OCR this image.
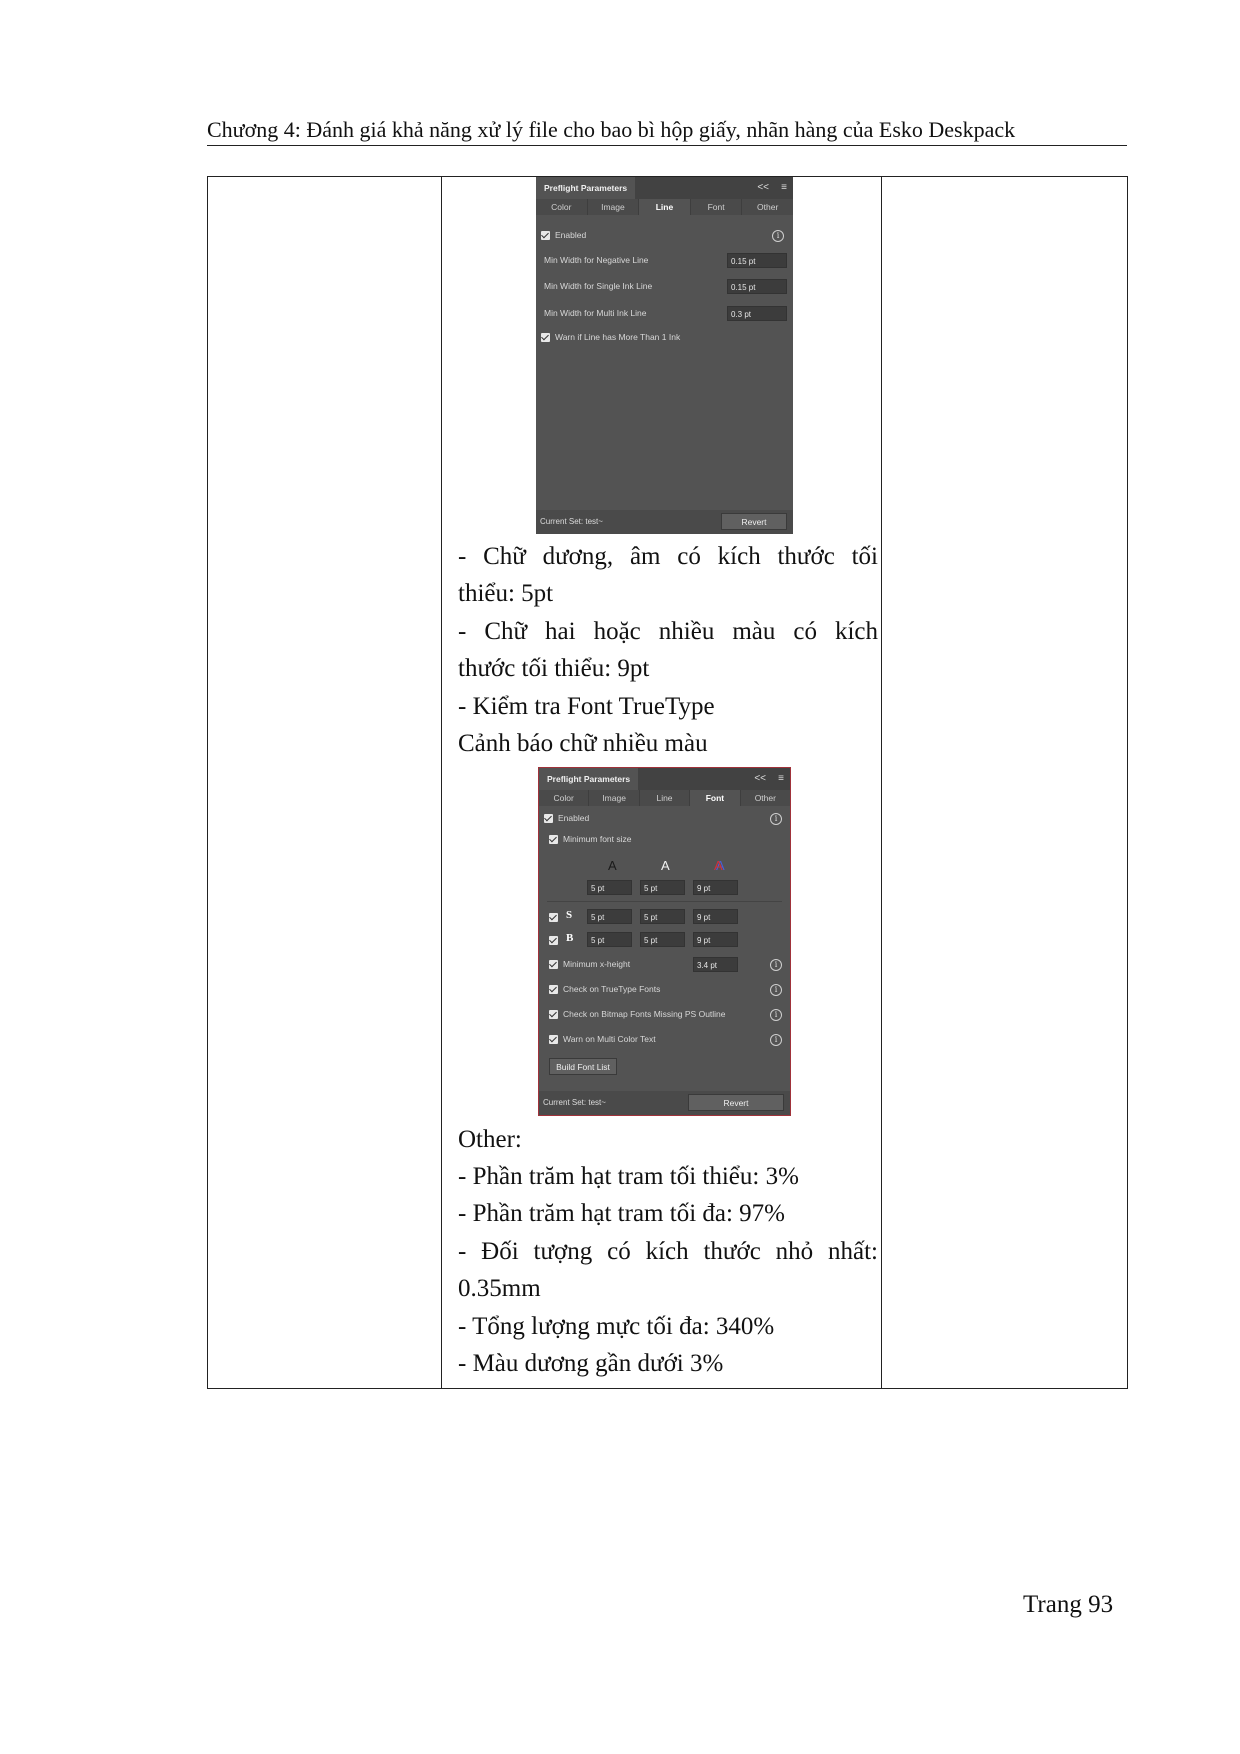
Chương 4: Đánh giá khả năng xử lý file cho bao bì hộp giấy, nhãn hàng của Esko Deskpack
Preflight Parameters	<< ≡
Color	Image	Line	Font	Other
Enabled	i
Min Width for Negative Line	0.15 pt
Min Width for Single Ink Line	0.15 pt
Min Width for Multi Ink Line	0.3 pt
Warn if Line has More Than 1 Ink
Current Set: test~	Revert
- Chữ dương, âm có kích thước tối
thiểu: 5pt
- Chữ hai hoặc nhiều màu có kích
thước tối thiểu: 9pt
- Kiểm tra Font TrueType
Cảnh báo chữ nhiều màu
Preflight Parameters	<< ≡
Color	Image	Line	Font	Other
Enabled	i
Minimum font size
A	A	A
5 pt	5 pt	9 pt
S	5 pt	5 pt	9 pt
B	5 pt	5 pt	9 pt
Minimum x-height	3.4 pt	i
Check on TrueType Fonts	i
Check on Bitmap Fonts Missing PS Outline	i
Warn on Multi Color Text	i
Build Font List
Current Set: test~	Revert
Other:
- Phần trăm hạt tram tối thiểu: 3%
- Phần trăm hạt tram tối đa: 97%
- Đối tượng có kích thước nhỏ nhất:
0.35mm
- Tổng lượng mực tối đa: 340%
- Màu dương gần dưới 3%
Trang 93
